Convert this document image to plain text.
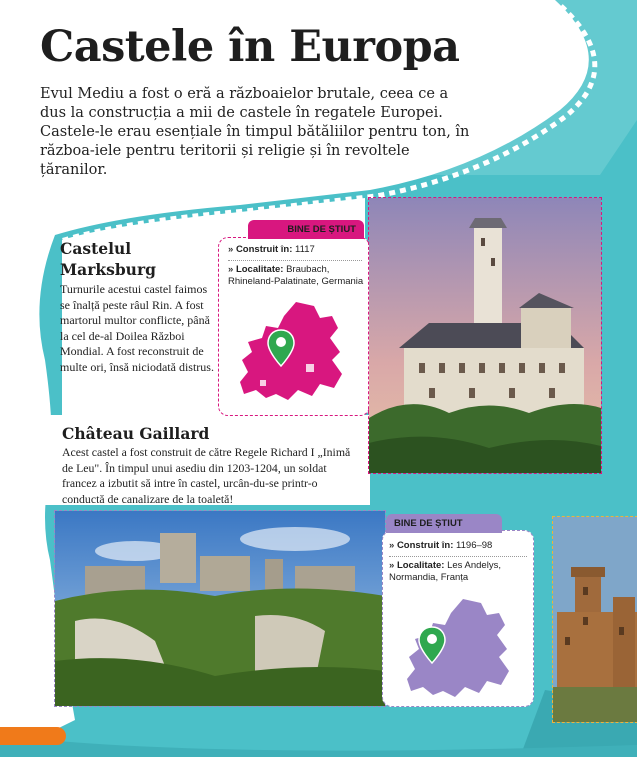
Castele în Europa

Evul Mediu a fost o eră a războaielor brutale, ceea ce a dus la construcția a mii de castele în regatele Europei. Castele-le erau esențiale în timpul bătăliilor pentru ton, în războa-iele pentru teritorii și religie și în revoltele țăranilor.

Castelul
Marksburg

Turnurile acestui castel faimos se înalță peste râul Rin. A fost martorul multor conflicte, până la cel de-al Doilea Război Mondial. A fost reconstruit de multe ori, însă niciodată distrus.

BINE DE ȘTIUT
» Construit în: 1117
» Localitate: Braubach, Rhineland-Palatinate, Germania
Château Gaillard

Acest castel a fost construit de către Regele Richard I „Inimă de Leu". În timpul unui asediu din 1203-1204, un soldat francez a izbutit să intre în castel, urcân-du-se printr-o conductă de canalizare de la toaletă!

BINE DE ȘTIUT
» Construit în: 1196–98
» Localitate: Les Andelys, Normandia, Franța
